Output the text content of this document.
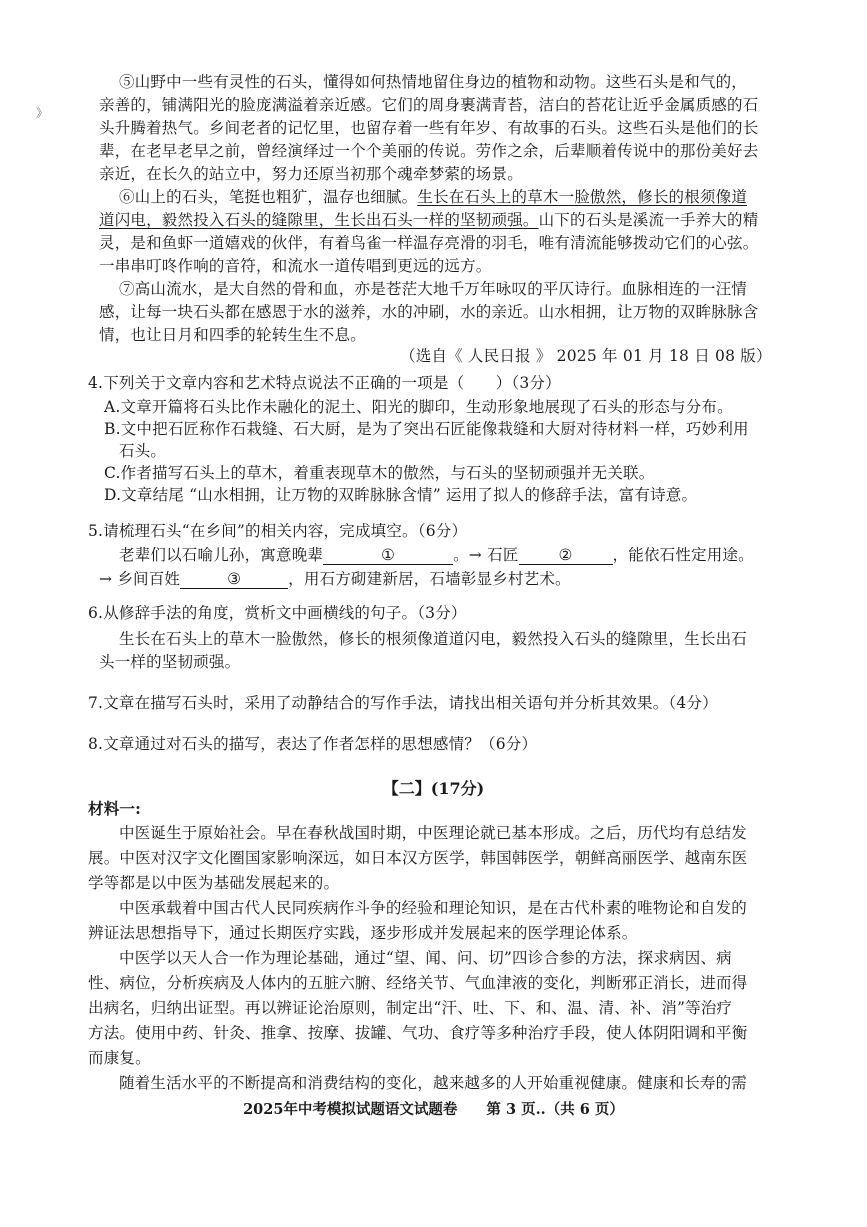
⑤山野中一些有灵性的石头，懂得如何热情地留住身边的植物和动物。这些石头是和气的，
亲善的，铺满阳光的脸庞满溢着亲近感。它们的周身裹满青苔，洁白的苔花让近乎金属质感的石
头升腾着热气。乡间老者的记忆里，也留存着一些有年岁、有故事的石头。这些石头是他们的长
辈，在老早老早之前，曾经演绎过一个个美丽的传说。劳作之余，后辈顺着传说中的那份美好去
亲近，在长久的站立中，努力还原当初那个魂牵梦萦的场景。
》
⑥山上的石头，笔挺也粗犷，温存也细腻。生长在石头上的草木一脸傲然，修长的根须像道
道闪电，毅然投入石头的缝隙里，生长出石头一样的坚韧顽强。山下的石头是溪流一手养大的精
灵，是和鱼虾一道嬉戏的伙伴，有着鸟雀一样温存亮滑的羽毛，唯有清流能够拨动它们的心弦。
一串串叮咚作响的音符，和流水一道传唱到更远的远方。
⑦高山流水，是大自然的骨和血，亦是苍茫大地千万年咏叹的平仄诗行。血脉相连的一汪情
感，让每一块石头都在感恩于水的滋养，水的冲刷，水的亲近。山水相拥，让万物的双眸脉脉含
情，也让日月和四季的轮转生生不息。
（选自《 人民日报 》 2025 年 01 月 18 日 08 版）
4.下列关于文章内容和艺术特点说法不正确的一项是（　　）（3分）
A.文章开篇将石头比作未融化的泥土、阳光的脚印，生动形象地展现了石头的形态与分布。
B.文中把石匠称作石栽缝、石大厨，是为了突出石匠能像栽缝和大厨对待材料一样，巧妙利用
石头。
C.作者描写石头上的草木，着重表现草木的傲然，与石头的坚韧顽强并无关联。
D.文章结尾 “山水相拥，让万物的双眸脉脉含情” 运用了拟人的修辞手法，富有诗意。
5.请梳理石头“在乡间”的相关内容，完成填空。（6分）
老辈们以石喻儿孙，寓意晚辈	①	。→ 石匠	②	，能依石性定用途。
→ 乡间百姓	③	，用石方砌建新居，石墙彰显乡村艺术。
6.从修辞手法的角度，赏析文中画横线的句子。（3分）
生长在石头上的草木一脸傲然，修长的根须像道道闪电，毅然投入石头的缝隙里，生长出石
头一样的坚韧顽强。
7.文章在描写石头时，采用了动静结合的写作手法，请找出相关语句并分析其效果。（4分）
8.文章通过对石头的描写，表达了作者怎样的思想感情？（6分）
【二】(17分)
材料一:
中医诞生于原始社会。早在春秋战国时期，中医理论就已基本形成。之后，历代均有总结发
展。中医对汉字文化圈国家影响深远，如日本汉方医学，韩国韩医学，朝鲜高丽医学、越南东医
学等都是以中医为基础发展起来的。
中医承载着中国古代人民同疾病作斗争的经验和理论知识，是在古代朴素的唯物论和自发的
辨证法思想指导下，通过长期医疗实践，逐步形成并发展起来的医学理论体系。
中医学以天人合一作为理论基础，通过“望、闻、问、切”四诊合参的方法，探求病因、病
性、病位，分析疾病及人体内的五脏六腑、经络关节、气血津液的变化，判断邪正消长，进而得
出病名，归纳出证型。再以辨证论治原则，制定出“汗、吐、下、和、温、清、补、消”等治疗
方法。使用中药、针灸、推拿、按摩、拔罐、气功、食疗等多种治疗手段，使人体阴阳调和平衡
而康复。
随着生活水平的不断提高和消费结构的变化，越来越多的人开始重视健康。健康和长寿的需
2025年中考模拟试题语文试题卷　　第 3 页..（共 6 页）
